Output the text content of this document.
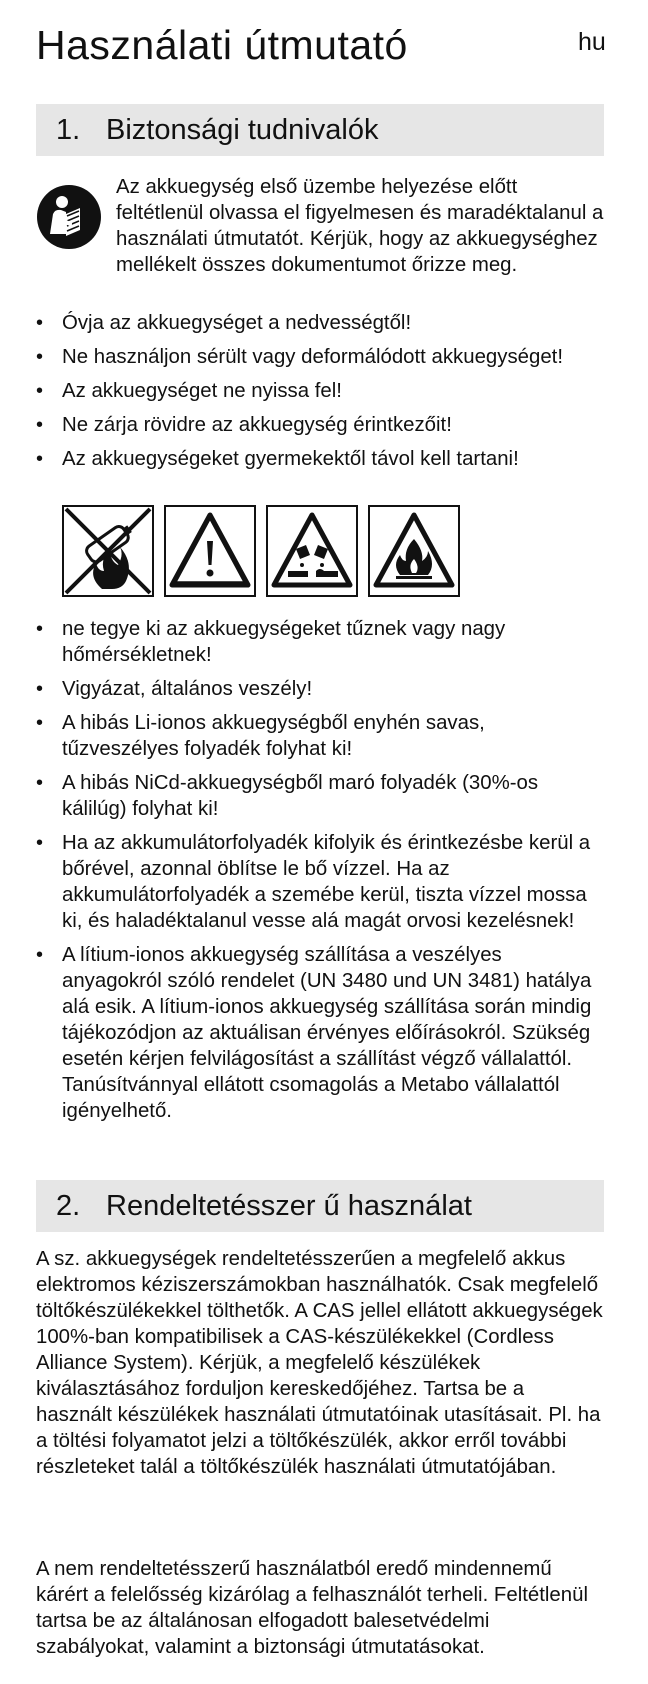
Használati útmutató	hu
1. Biztonsági tudnivalók
Az akkuegység első üzembe helyezése előtt feltétlenül olvassa el figyelmesen és maradéktalanul a használati útmutatót. Kérjük, hogy az akkuegységhez mellékelt összes dokumentumot őrizze meg.
• Óvja az akkuegységet a nedvességtől!
• Ne használjon sérült vagy deformálódott akkuegységet!
• Az akkuegységet ne nyissa fel!
• Ne zárja rövidre az akkuegység érintkezőit!
• Az akkuegységeket gyermekektől távol kell tartani!
• ne tegye ki az akkuegységeket tűznek vagy nagy hőmérsékletnek!
• Vigyázat, általános veszély!
• A hibás Li-ionos akkuegységből enyhén savas, tűzveszélyes folyadék folyhat ki!
• A hibás NiCd-akkuegységből maró folyadék (30%-os kálilúg) folyhat ki!
• Ha az akkumulátorfolyadék kifolyik és érintkezésbe kerül a bőrével, azonnal öblítse le bő vízzel. Ha az akkumulátorfolyadék a szemébe kerül, tiszta vízzel mossa ki, és haladéktalanul vesse alá magát orvosi kezelésnek!
• A lítium-ionos akkuegység szállítása a veszélyes anyagokról szóló rendelet (UN 3480 und UN 3481) hatálya alá esik. A lítium-ionos akkuegység szállítása során mindig tájékozódjon az aktuálisan érvényes előírásokról. Szükség esetén kérjen felvilágosítást a szállítást végző vállalattól. Tanúsítvánnyal ellátott csomagolás a Metabo vállalattól igényelhető.
2. Rendeltetésszer ű használat

A sz. akkuegységek rendeltetésszerűen a megfelelő akkus elektromos kéziszerszámokban használhatók. Csak megfelelő töltőkészülékekkel tölthetők. A CAS jellel ellátott akkuegységek 100%-ban kompatibilisek a CAS-készülékekkel (Cordless Alliance System). Kérjük, a megfelelő készülékek kiválasztásához forduljon kereskedőjéhez. Tartsa be a használt készülékek használati útmutatóinak utasításait. Pl. ha a töltési folyamatot jelzi a töltőkészülék, akkor erről további részleteket talál a töltőkészülék használati útmutatójában.

A nem rendeltetésszerű használatból eredő mindennemű kárért a felelősség kizárólag a felhasználót terheli. Feltétlenül tartsa be az általánosan elfogadott balesetvédelmi szabályokat, valamint a biztonsági útmutatásokat.
